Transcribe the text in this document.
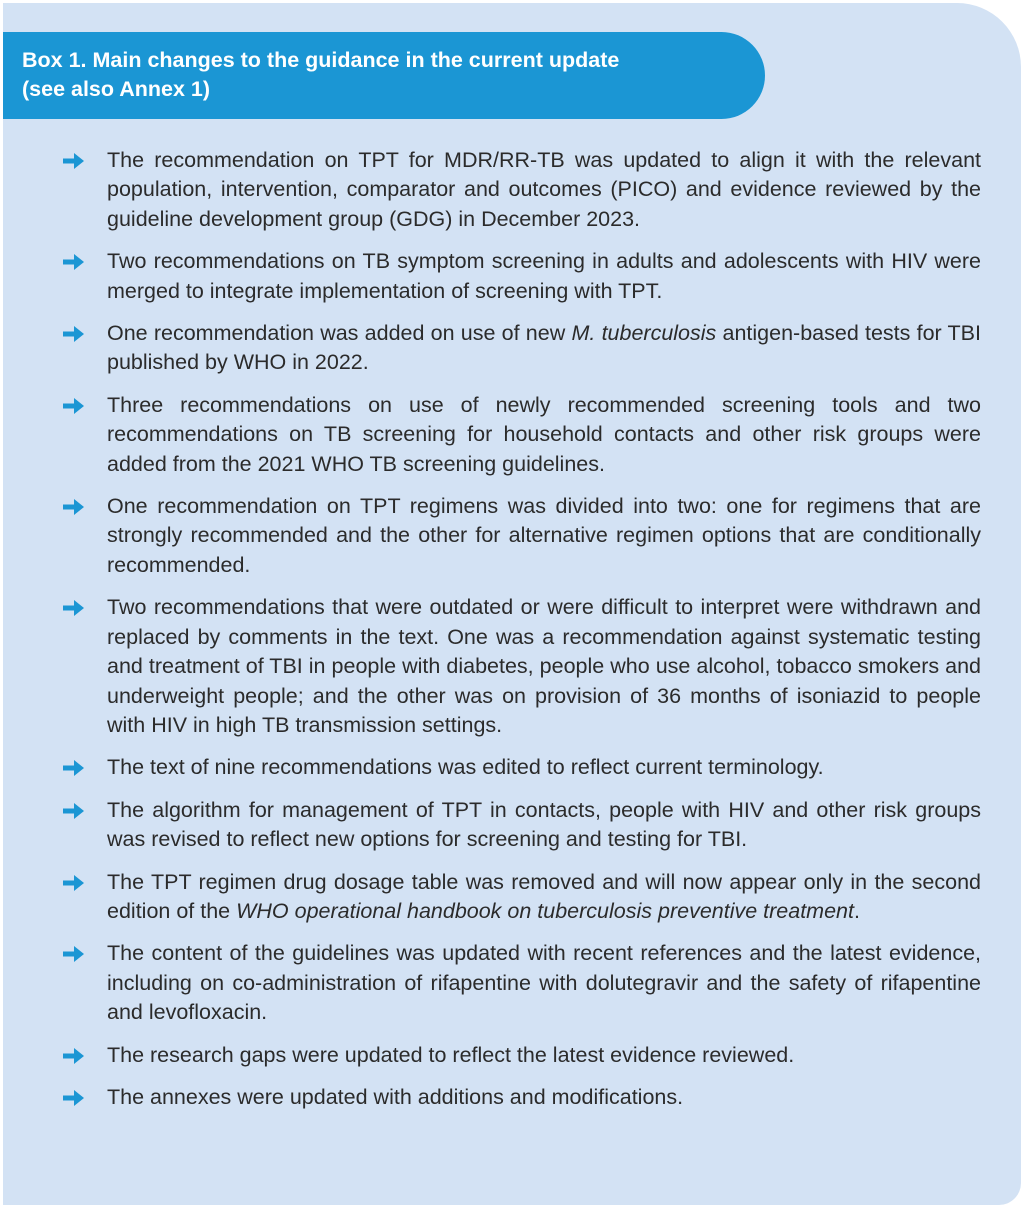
Box 1. Main changes to the guidance in the current update
(see also Annex 1)
The recommendation on TPT for MDR/RR-TB was updated to align it with the relevant population, intervention, comparator and outcomes (PICO) and evidence reviewed by the guideline development group (GDG) in December 2023.
Two recommendations on TB symptom screening in adults and adolescents with HIV were merged to integrate implementation of screening with TPT.
One recommendation was added on use of new M. tuberculosis antigen-based tests for TBI published by WHO in 2022.
Three recommendations on use of newly recommended screening tools and two recommendations on TB screening for household contacts and other risk groups were added from the 2021 WHO TB screening guidelines.
One recommendation on TPT regimens was divided into two: one for regimens that are strongly recommended and the other for alternative regimen options that are conditionally recommended.
Two recommendations that were outdated or were difficult to interpret were withdrawn and replaced by comments in the text. One was a recommendation against systematic testing and treatment of TBI in people with diabetes, people who use alcohol, tobacco smokers and underweight people; and the other was on provision of 36 months of isoniazid to people with HIV in high TB transmission settings.
The text of nine recommendations was edited to reflect current terminology.
The algorithm for management of TPT in contacts, people with HIV and other risk groups was revised to reflect new options for screening and testing for TBI.
The TPT regimen drug dosage table was removed and will now appear only in the second edition of the WHO operational handbook on tuberculosis preventive treatment.
The content of the guidelines was updated with recent references and the latest evidence, including on co-administration of rifapentine with dolutegravir and the safety of rifapentine and levofloxacin.
The research gaps were updated to reflect the latest evidence reviewed.
The annexes were updated with additions and modifications.
